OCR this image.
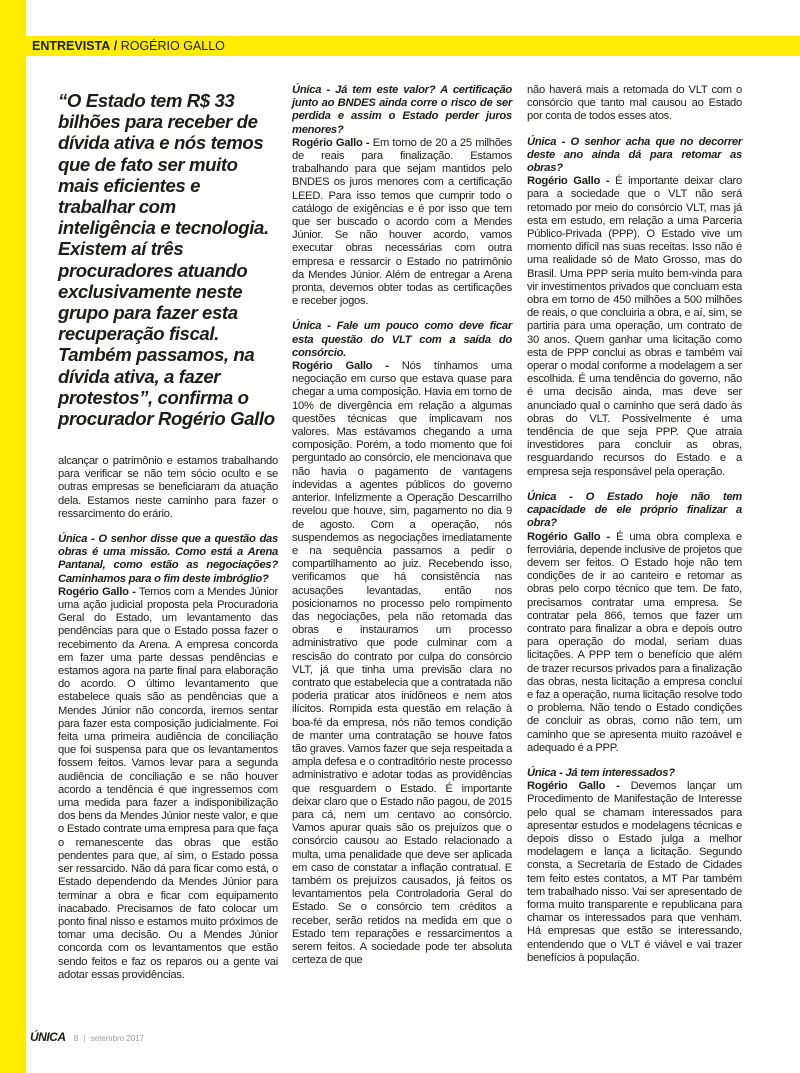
ENTREVISTA / ROGÉRIO GALLO
“O Estado tem R$ 33 bilhões para receber de dívida ativa e nós temos que de fato ser muito mais eficientes e trabalhar com inteligência e tecnologia. Existem aí três procuradores atuando exclusivamente neste grupo para fazer esta recuperação fiscal. Também passamos, na dívida ativa, a fazer protestos”, confirma o procurador Rogério Gallo

alcançar o patrimônio e estamos trabalhando para verificar se não tem sócio oculto e se outras empresas se beneficiaram da atuação dela. Estamos neste caminho para fazer o ressarcimento do erário.

Única - O senhor disse que a questão das obras é uma missão. Como está a Arena Pantanal, como estão as negociações? Caminhamos para o fim deste imbróglio?

Rogério Gallo - Temos com a Mendes Júnior uma ação judicial proposta pela Procuradoria Geral do Estado, um levantamento das pendências para que o Estado possa fazer o recebimento da Arena. A empresa concorda em fazer uma parte dessas pendências e estamos agora na parte final para elaboração do acordo. O último levantamento que estabelece quais são as pendências que a Mendes Júnior não concorda, iremos sentar para fazer esta composição judicialmente. Foi feita uma primeira audiência de conciliação que foi suspensa para que os levantamentos fossem feitos. Vamos levar para a segunda audiência de conciliação e se não houver acordo a tendência é que ingressemos com uma medida para fazer a indisponibilização dos bens da Mendes Júnior neste valor, e que o Estado contrate uma empresa para que faça o remanescente das obras que estão pendentes para que, aí sim, o Estado possa ser ressarcido. Não dá para ficar como está, o Estado dependendo da Mendes Júnior para terminar a obra e ficar com equipamento inacabado. Precisamos de fato colocar um ponto final nisso e estamos muito próximos de tomar uma decisão. Ou a Mendes Júnior concorda com os levantamentos que estão sendo feitos e faz os reparos ou a gente vai adotar essas providências.

Única - Já tem este valor? A certificação junto ao BNDES ainda corre o risco de ser perdida e assim o Estado perder juros menores?

Rogério Gallo - Em torno de 20 a 25 milhões de reais para finalização. Estamos trabalhando para que sejam mantidos pelo BNDES os juros menores com a certificação LEED. Para isso temos que cumprir todo o catálogo de exigências e é por isso que tem que ser buscado o acordo com a Mendes Júnior. Se não houver acordo, vamos executar obras necessárias com outra empresa e ressarcir o Estado no patrimônio da Mendes Júnior. Além de entregar a Arena pronta, devemos obter todas as certificações e receber jogos.

Única - Fale um pouco como deve ficar esta questão do VLT com a saída do consórcio.

Rogério Gallo - Nós tínhamos uma negociação em curso que estava quase para chegar a uma composição. Havia em torno de 10% de divergência em relação a algumas questões técnicas que implicavam nos valores. Mas estávamos chegando a uma composição. Porém, a todo momento que foi perguntado ao consórcio, ele mencionava que não havia o pagamento de vantagens indevidas a agentes públicos do governo anterior. Infelizmente a Operação Descarrilho revelou que houve, sim, pagamento no dia 9 de agosto. Com a operação, nós suspendemos as negociações imediatamente e na sequência passamos a pedir o compartilhamento ao juiz. Recebendo isso, verificamos que há consistência nas acusações levantadas, então nos posicionamos no processo pelo rompimento das negociações, pela não retomada das obras e instauramos um processo administrativo que pode culminar com a rescisão do contrato por culpa do consórcio VLT, já que tinha uma previsão clara no contrato que estabelecia que a contratada não poderia praticar atos inidôneos e nem atos ilícitos. Rompida esta questão em relação à boa-fé da empresa, nós não temos condição de manter uma contratação se houve fatos tão graves. Vamos fazer que seja respeitada a ampla defesa e o contraditório neste processo administrativo e adotar todas as providências que resguardem o Estado. É importante deixar claro que o Estado não pagou, de 2015 para cá, nem um centavo ao consórcio. Vamos apurar quais são os prejuízos que o consórcio causou ao Estado relacionado a multa, uma penalidade que deve ser aplicada em caso de constatar a inflação contratual. E também os prejuízos causados, já feitos os levantamentos pela Controladoria Geral do Estado. Se o consórcio tem créditos a receber, serão retidos na medida em que o Estado tem reparações e ressarcimentos a serem feitos. A sociedade pode ter absoluta certeza de que

não haverá mais a retomada do VLT com o consórcio que tanto mal causou ao Estado por conta de todos esses atos.

Única - O senhor acha que no decorrer deste ano ainda dá para retomar as obras?

Rogério Gallo - É importante deixar claro para a sociedade que o VLT não será retomado por meio do consórcio VLT, mas já esta em estudo, em relação a uma Parceria Público-Privada (PPP). O Estado vive um momento difícil nas suas receitas. Isso não é uma realidade só de Mato Grosso, mas do Brasil. Uma PPP seria muito bem-vinda para vir investimentos privados que concluam esta obra em torno de 450 milhões a 500 milhões de reais, o que concluiria a obra, e aí, sim, se partiria para uma operação, um contrato de 30 anos. Quem ganhar uma licitação como esta de PPP conclui as obras e também vai operar o modal conforme a modelagem a ser escolhida. É uma tendência do governo, não é uma decisão ainda, mas deve ser anunciado qual o caminho que será dado às obras do VLT. Possivelmente é uma tendência de que seja PPP. Que atraia investidores para concluir as obras, resguardando recursos do Estado e a empresa seja responsável pela operação.

Única - O Estado hoje não tem capacidade de ele próprio finalizar a obra?

Rogério Gallo - É uma obra complexa e ferroviária, depende inclusive de projetos que devem ser feitos. O Estado hoje não tem condições de ir ao canteiro e retomar as obras pelo corpo técnico que tem. De fato, precisamos contratar uma empresa. Se contratar pela 866, temos que fazer um contrato para finalizar a obra e depois outro para operação do modal, seriam duas licitações. A PPP tem o benefício que além de trazer recursos privados para a finalização das obras, nesta licitação a empresa conclui e faz a operação, numa licitação resolve todo o problema. Não tendo o Estado condições de concluir as obras, como não tem, um caminho que se apresenta muito razoável e adequado é a PPP.

Única - Já tem interessados?

Rogério Gallo - Devemos lançar um Procedimento de Manifestação de Interesse pelo qual se chamam interessados para apresentar estudos e modelagens técnicas e depois disso o Estado julga a melhor modelagem e lança a licitação. Segundo consta, a Secretaria de Estado de Cidades tem feito estes contatos, a MT Par também tem trabalhado nisso. Vai ser apresentado de forma muito transparente e republicana para chamar os interessados para que venham. Há empresas que estão se interessando, entendendo que o VLT é viável e vai trazer benefícios à população.

ÚNICA 8 | setembro 2017
